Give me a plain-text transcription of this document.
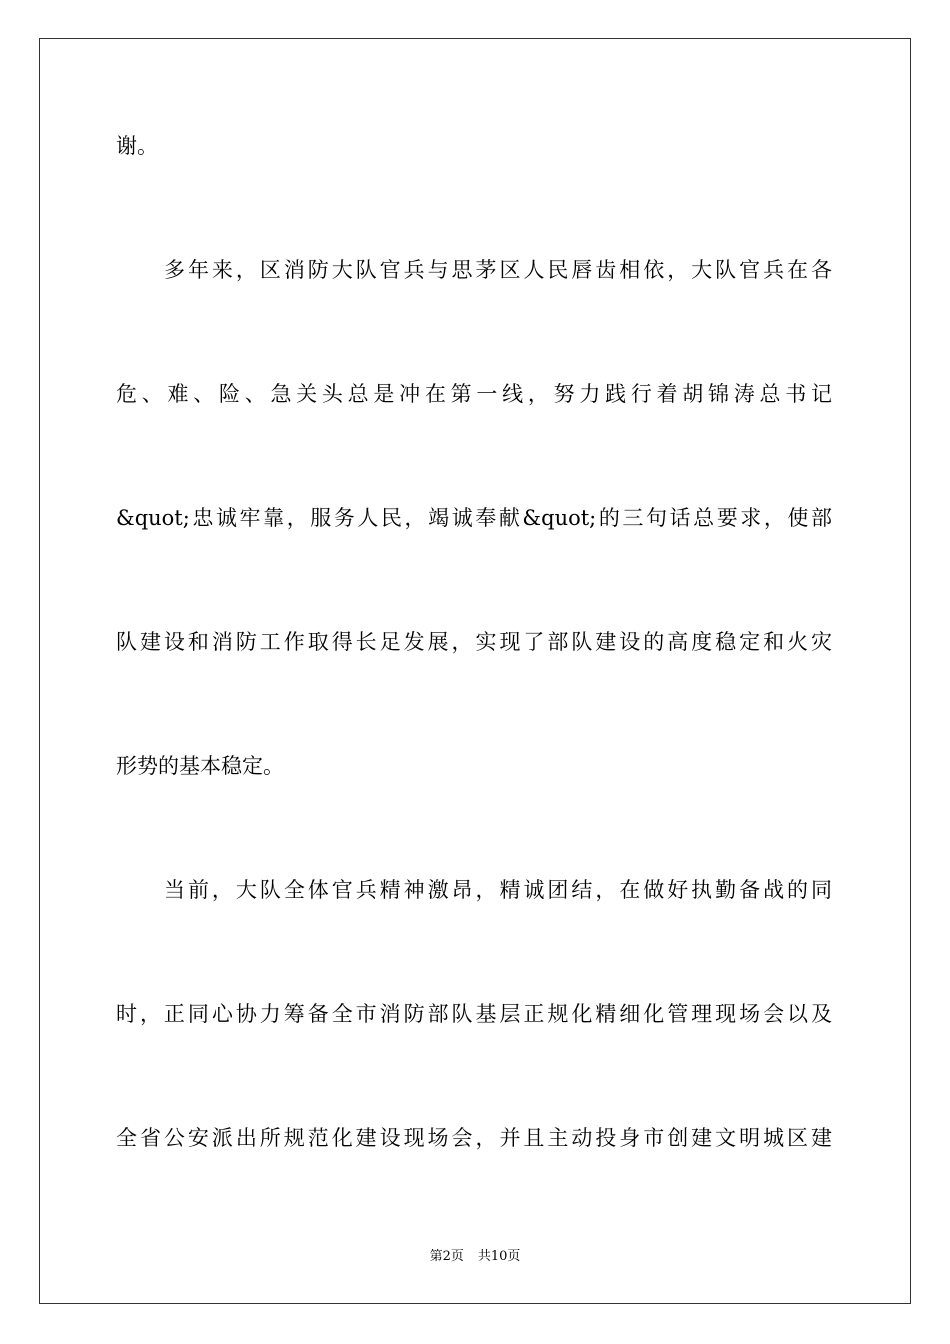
谢。

多年来，区消防大队官兵与思茅区人民唇齿相依，大队官兵在各

危、难、险、急关头总是冲在第一线，努力践行着胡锦涛总书记

&quot;忠诚牢靠，服务人民，竭诚奉献&quot;的三句话总要求，使部

队建设和消防工作取得长足发展，实现了部队建设的高度稳定和火灾

形势的基本稳定。

当前，大队全体官兵精神激昂，精诚团结，在做好执勤备战的同

时，正同心协力筹备全市消防部队基层正规化精细化管理现场会以及

全省公安派出所规范化建设现场会，并且主动投身市创建文明城区建

第2页 共10页
